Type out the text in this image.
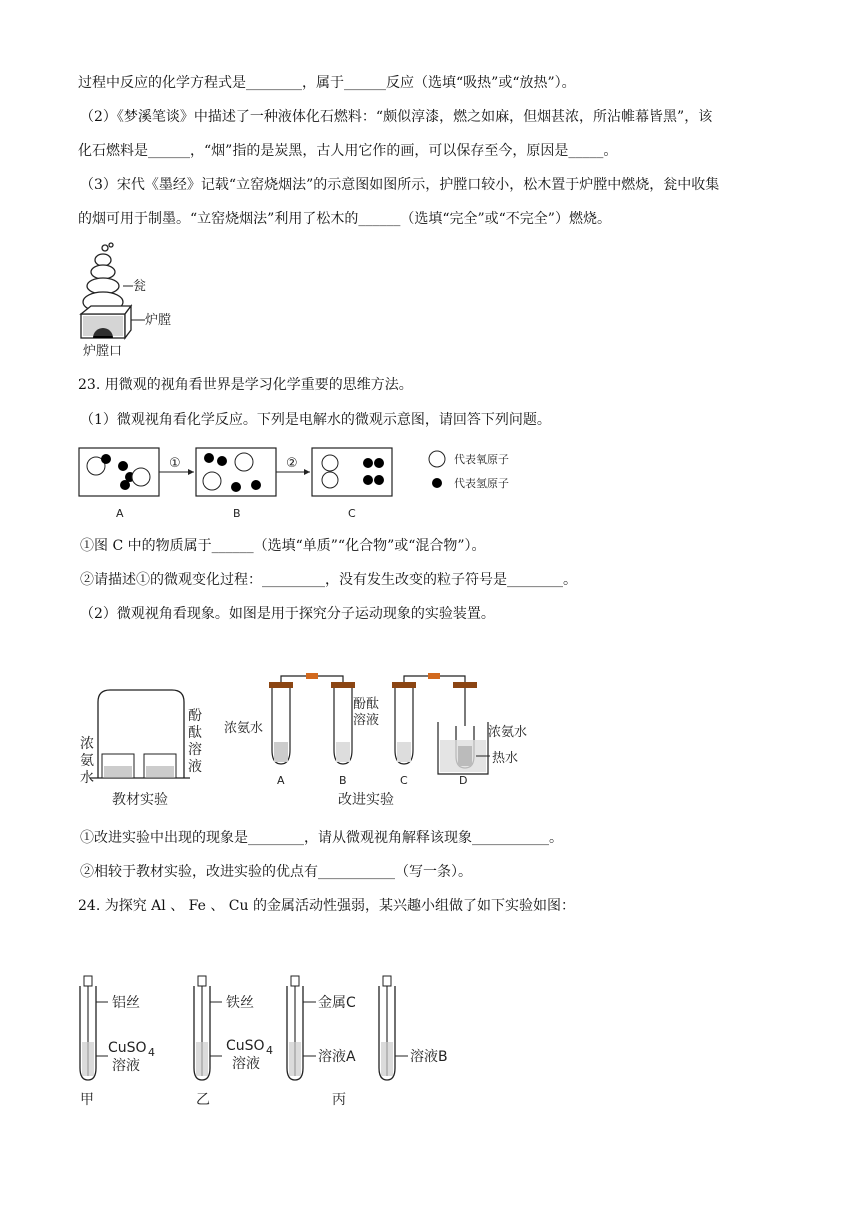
过程中反应的化学方程式是________，属于______反应（选填“吸热”或“放热”）。
（2）《梦溪笔谈》中描述了一种液体化石燃料：“颇似淳漆，燃之如麻，但烟甚浓，所沾帷幕皆黑”，该
化石燃料是______，“烟”指的是炭黑，古人用它作的画，可以保存至今，原因是_____。
（3）宋代《墨经》记载“立窑烧烟法”的示意图如图所示，护膛口较小，松木置于炉膛中燃烧，瓮中收集
的烟可用于制墨。“立窑烧烟法”利用了松木的______（选填“完全”或“不完全”）燃烧。
瓮
炉膛
炉膛口
23. 用微观的视角看世界是学习化学重要的思维方法。
（1）微观视角看化学反应。下列是电解水的微观示意图，请回答下列问题。
①	②
A	B	C
代表氧原子
代表氢原子
①图 C 中的物质属于______（选填“单质”“化合物”或“混合物”）。
②请描述①的微观变化过程：_________，没有发生改变的粒子符号是________。
（2）微观视角看现象。如图是用于探究分子运动现象的实验装置。
浓
氨
水
酚
酞
溶
液
教材实验
浓氨水
酚酞
溶液
浓氨水
热水
A	B	C	D
改进实验
①改进实验中出现的现象是________，请从微观视角解释该现象___________。
②相较于教材实验，改进实验的优点有___________（写一条）。
24. 为探究 Al 、 Fe 、 Cu 的金属活动性强弱，某兴趣小组做了如下实验如图：
铝丝
CuSO 4
溶液
铁丝
CuSO 4
溶液
金属C
溶液A	溶液B
甲	乙	丙
